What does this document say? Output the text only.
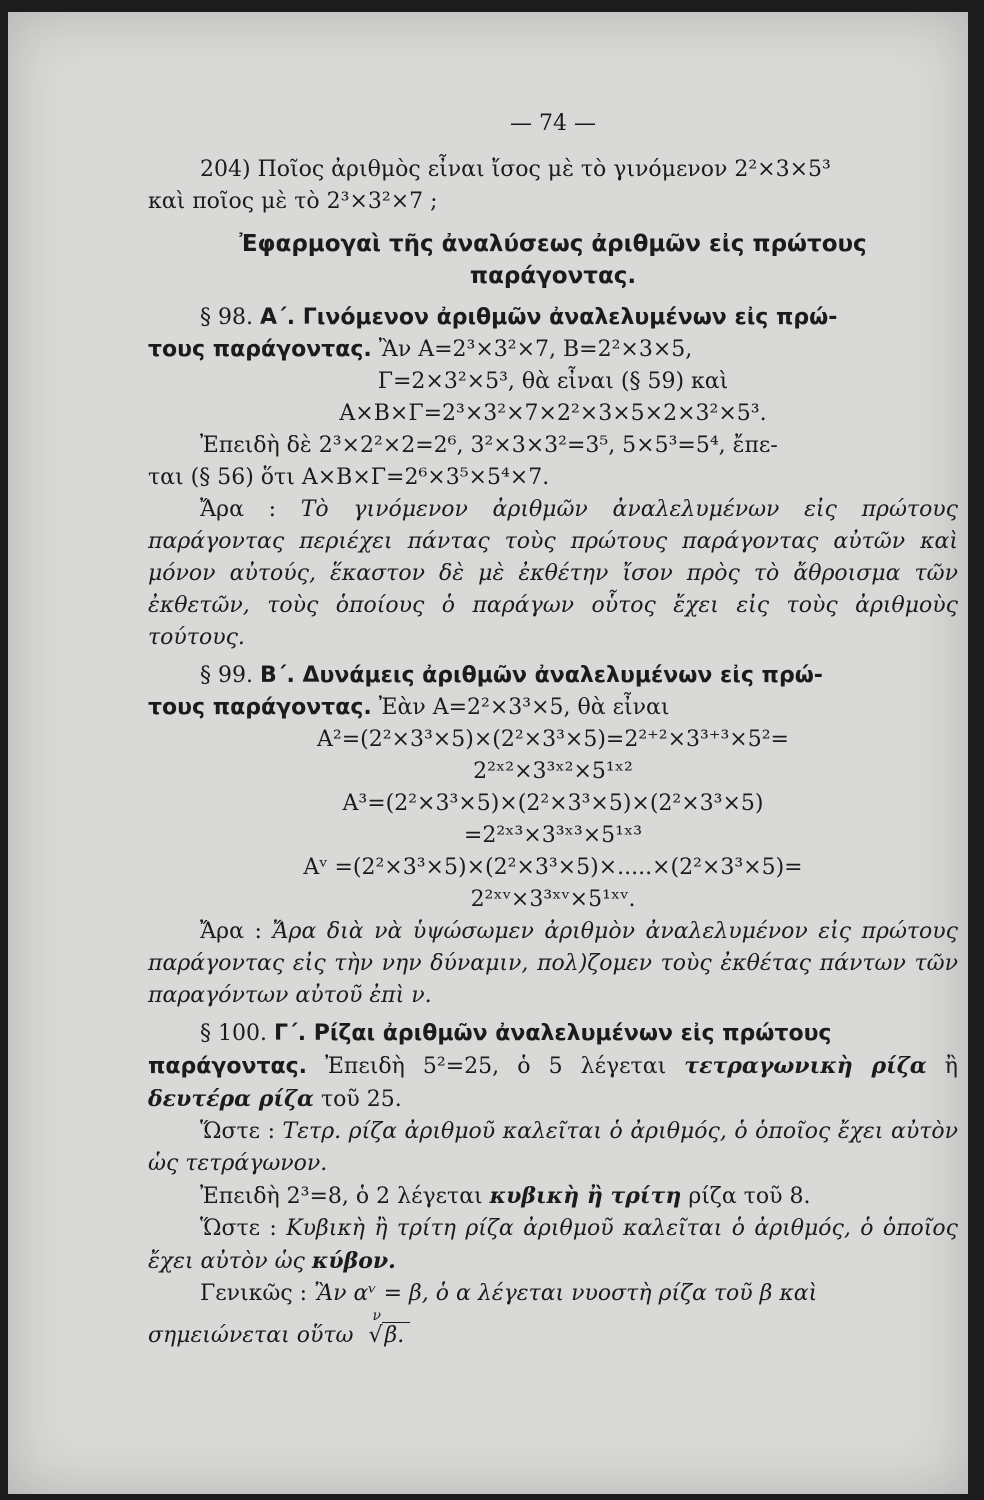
— 74 —

204) Ποῖος ἀριθμὸς εἶναι ἴσος μὲ τὸ γινόμενον 2²×3×5³

καὶ ποῖος μὲ τὸ 2³×3²×7 ;

Ἐφαρμογαὶ τῆς ἀναλύσεως ἀριθμῶν εἰς πρώτους
παράγοντας.

§ 98. Α΄. Γινόμενον ἀριθμῶν ἀναλελυμένων εἰς πρώ-

τους παράγοντας. Ἂν Α=2³×3²×7, Β=2²×3×5,

Γ=2×3²×5³, θὰ εἶναι (§ 59) καὶ
Α×Β×Γ=2³×3²×7×2²×3×5×2×3²×5³.

Ἐπειδὴ δὲ 2³×2²×2=2⁶, 3²×3×3²=3⁵, 5×5³=5⁴, ἔπε-

ται (§ 56) ὅτι Α×Β×Γ=2⁶×3⁵×5⁴×7.

Ἄρα : Τὸ γινόμενον ἀριθμῶν ἀναλελυμένων εἰς πρώτους παράγοντας περιέχει πάντας τοὺς πρώτους παράγοντας αὐτῶν καὶ μόνον αὐτούς, ἕκαστον δὲ μὲ ἐκθέτην ἴσον πρὸς τὸ ἄθροισμα τῶν ἐκθετῶν, τοὺς ὁποίους ὁ παράγων οὗτος ἔχει εἰς τοὺς ἀριθμοὺς τούτους.

§ 99. Β΄. Δυνάμεις ἀριθμῶν ἀναλελυμένων εἰς πρώ-

τους παράγοντας. Ἐὰν Α=2²×3³×5, θὰ εἶναι

Α²=(2²×3³×5)×(2²×3³×5)=2²⁺²×3³⁺³×5²=
2²ˣ²×3³ˣ²×5¹ˣ²
Α³=(2²×3³×5)×(2²×3³×5)×(2²×3³×5)
=2²ˣ³×3³ˣ³×5¹ˣ³
Αᵛ =(2²×3³×5)×(2²×3³×5)×.....×(2²×3³×5)=
2²ˣᵛ×3³ˣᵛ×5¹ˣᵛ.

Ἄρα : Ἄρα διὰ νὰ ὑψώσωμεν ἀριθμὸν ἀναλελυμένον εἰς πρώτους παράγοντας εἰς τὴν νην δύναμιν, πολ)ζομεν τοὺς ἐκθέτας πάντων τῶν παραγόντων αὐτοῦ ἐπὶ ν.

§ 100. Γ΄. Ρίζαι ἀριθμῶν ἀναλελυμένων εἰς πρώτους

παράγοντας. Ἐπειδὴ 5²=25, ὁ 5 λέγεται τετραγωνικὴ ρίζα ἢ δευτέρα ρίζα τοῦ 25.

Ὥστε : Τετρ. ρίζα ἀριθμοῦ καλεῖται ὁ ἀριθμός, ὁ ὁποῖος ἔχει αὐτὸν ὡς τετράγωνον.

Ἐπειδὴ 2³=8, ὁ 2 λέγεται κυβικὴ ἢ τρίτη ρίζα τοῦ 8.

Ὥστε : Κυβικὴ ἢ τρίτη ρίζα ἀριθμοῦ καλεῖται ὁ ἀριθμός, ὁ ὁποῖος ἔχει αὐτὸν ὡς κύβον.

Γενικῶς : Ἂν αᵛ = β, ὁ α λέγεται νυοστὴ ρίζα τοῦ β καὶ

σημειώνεται οὕτω
ν
√β.
